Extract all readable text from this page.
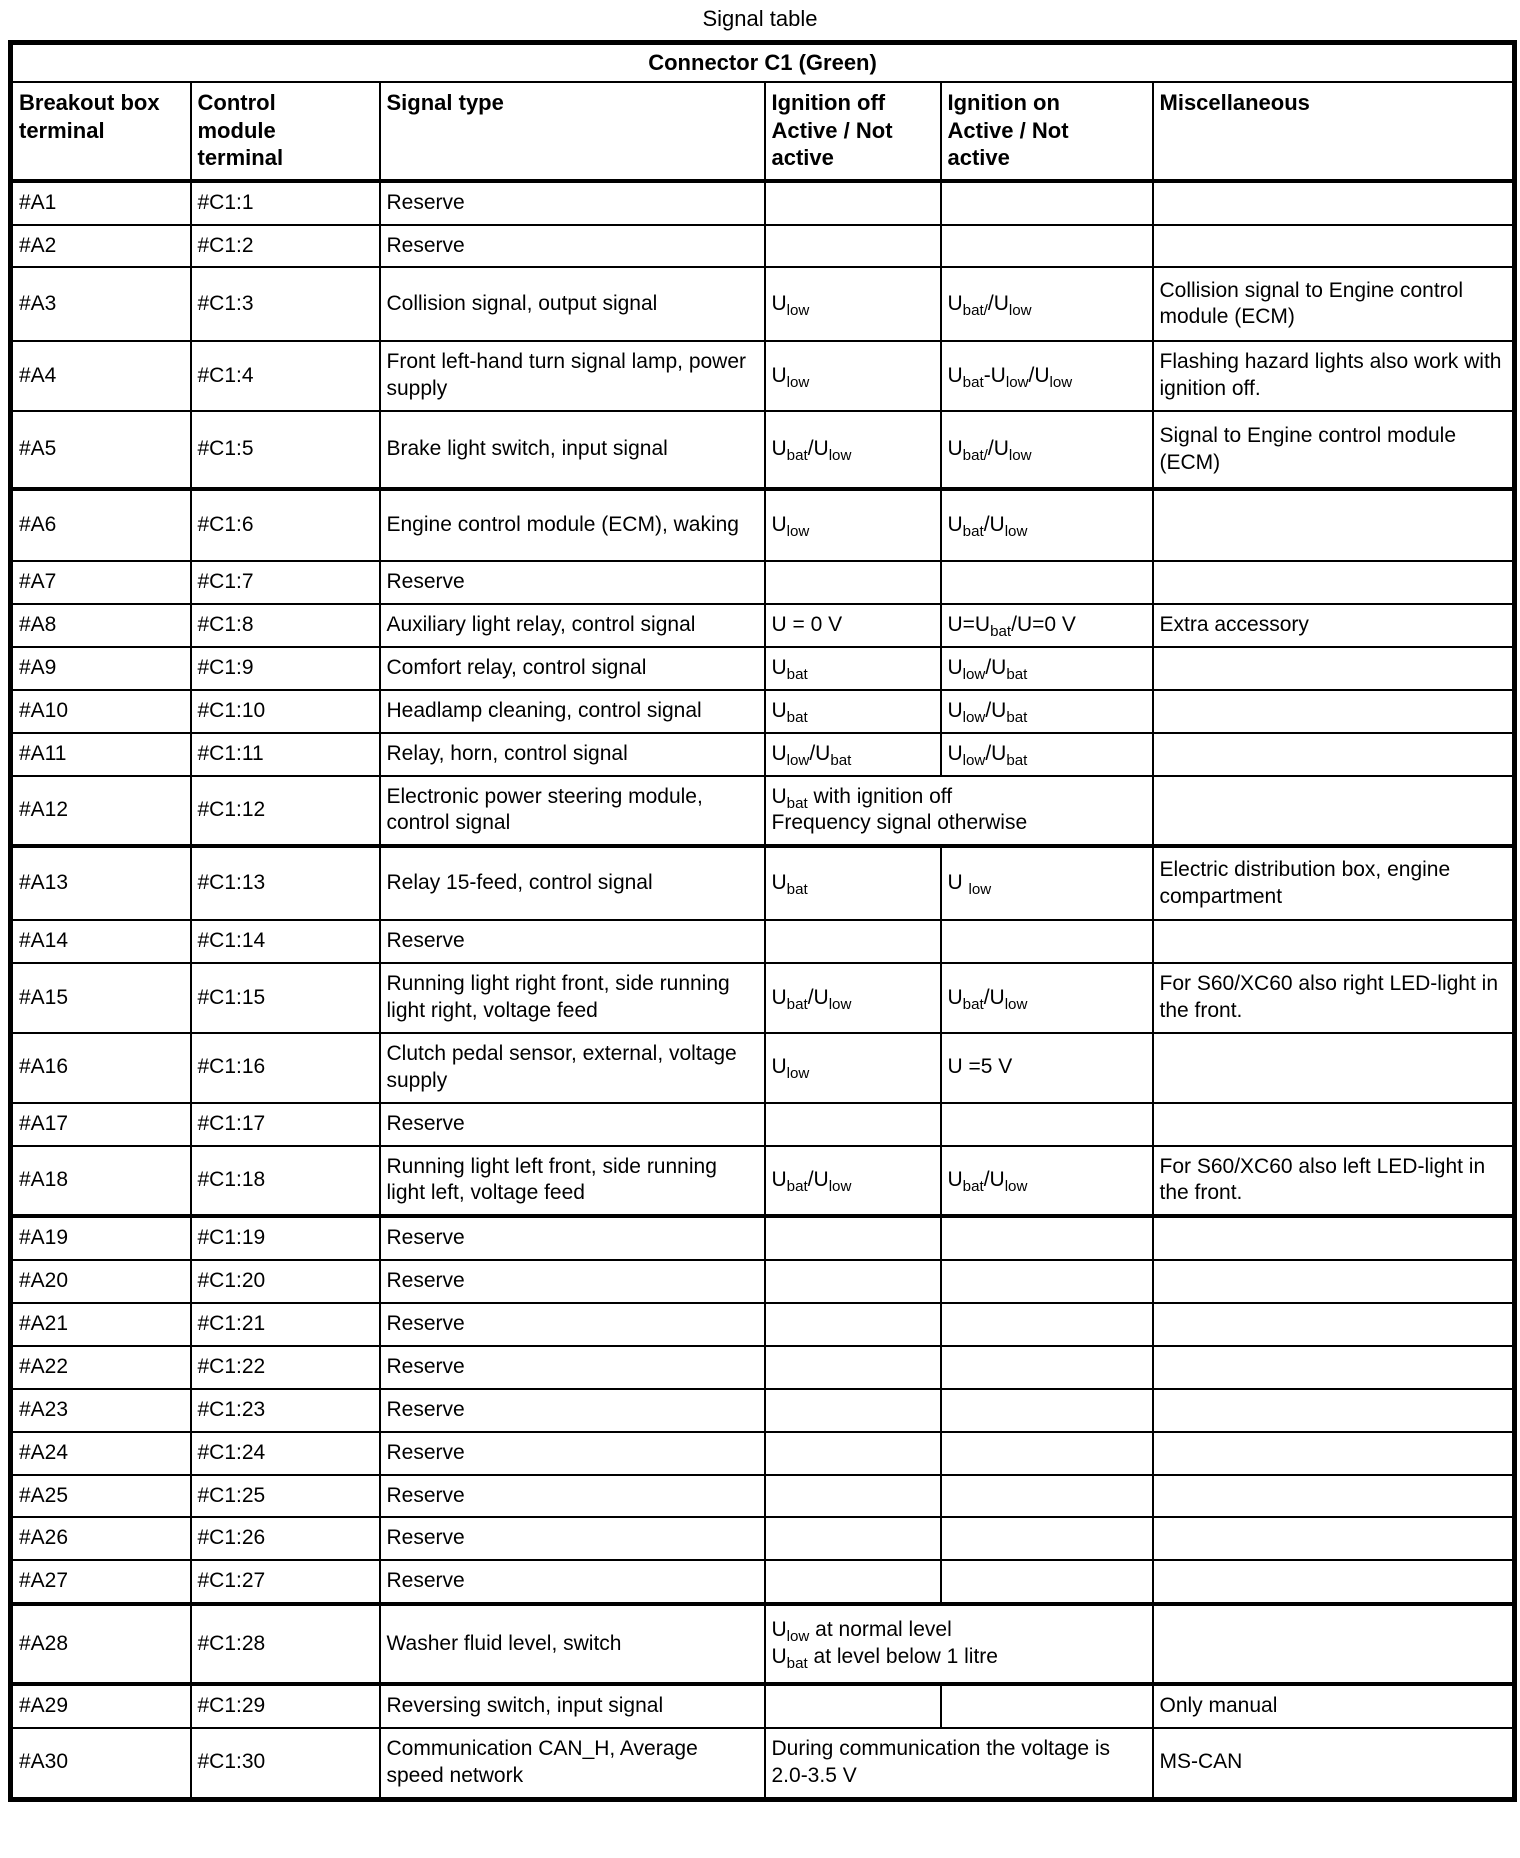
Signal table
Connector C1 (Green)					
Breakout box
terminal	Control
module
terminal	Signal type	Ignition off
Active / Not
active	Ignition on
Active / Not
active	Miscellaneous
#A1	#C1:1	Reserve			
#A2	#C1:2	Reserve			
#A3	#C1:3	Collision signal, output signal	$U_{low}$	$U_{bat/}/U_{low}$	Collision signal to Engine control module (ECM)
#A4	#C1:4	Front left-hand turn signal lamp, power supply	$U_{low}$	$U_{bat}-U_{low}/U_{low}$	Flashing hazard lights also work with ignition off.
#A5	#C1:5	Brake light switch, input signal	$U_{bat}/U_{low}$	$U_{bat/}/U_{low}$	Signal to Engine control module (ECM)
#A6	#C1:6	Engine control module (ECM), waking	$U_{low}$	$U_{bat}/U_{low}$	
#A7	#C1:7	Reserve			
#A8	#C1:8	Auxiliary light relay, control signal	U = 0 V	$U=U_{bat}/U=0$ V	Extra accessory
#A9	#C1:9	Comfort relay, control signal	$U_{bat}$	$U_{low}/U_{bat}$	
#A10	#C1:10	Headlamp cleaning, control signal	$U_{bat}$	$U_{low}/U_{bat}$	
#A11	#C1:11	Relay, horn, control signal	$U_{low}/U_{bat}$	$U_{low}/U_{bat}$	
#A12	#C1:12	Electronic power steering module, control signal	$U_{bat}$ with ignition off
Frequency signal otherwise		
#A13	#C1:13	Relay 15-feed, control signal	$U_{bat}$	U $_{low}$	Electric distribution box, engine compartment
#A14	#C1:14	Reserve			
#A15	#C1:15	Running light right front, side running light right, voltage feed	$U_{bat}/U_{low}$	$U_{bat}/U_{low}$	For S60/XC60 also right LED-light in the front.
#A16	#C1:16	Clutch pedal sensor, external, voltage supply	$U_{low}$	U =5 V	
#A17	#C1:17	Reserve			
#A18	#C1:18	Running light left front, side running light left, voltage feed	$U_{bat}/U_{low}$	$U_{bat}/U_{low}$	For S60/XC60 also left LED-light in the front.
#A19	#C1:19	Reserve			
#A20	#C1:20	Reserve			
#A21	#C1:21	Reserve			
#A22	#C1:22	Reserve			
#A23	#C1:23	Reserve			
#A24	#C1:24	Reserve			
#A25	#C1:25	Reserve			
#A26	#C1:26	Reserve			
#A27	#C1:27	Reserve			
#A28	#C1:28	Washer fluid level, switch	$U_{low}$ at normal level
$U_{bat}$ at level below 1 litre		
#A29	#C1:29	Reversing switch, input signal			Only manual
#A30	#C1:30	Communication CAN_H, Average speed network	During communication the voltage is 2.0-3.5 V		MS-CAN
